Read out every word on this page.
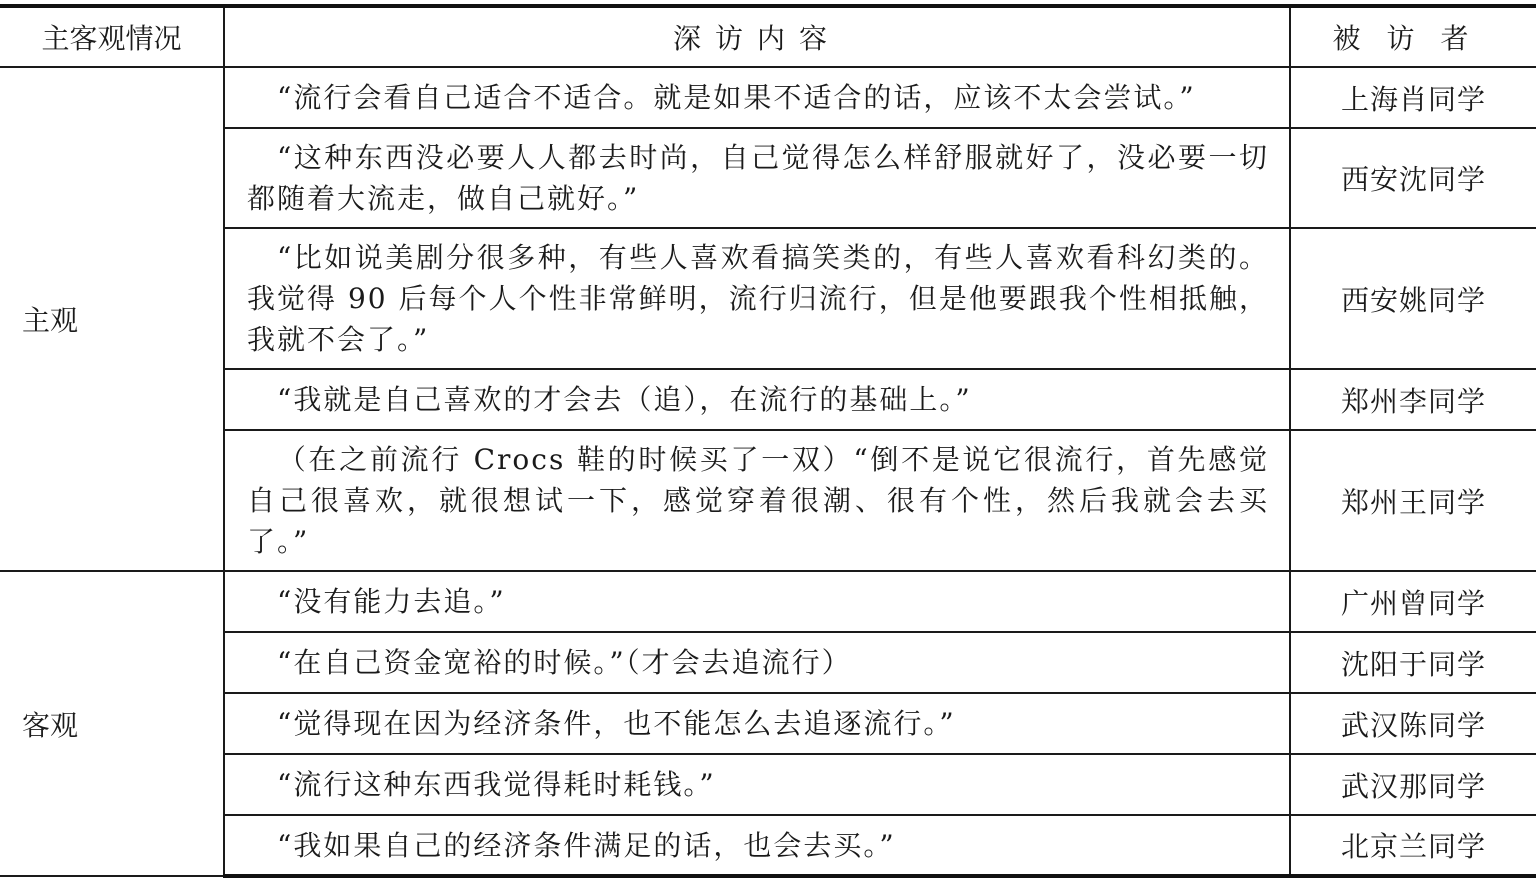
主客观情况	深访内容	被访者
主观	“流行会看自己适合不适合。就是如果不适合的话，应该不太会尝试。”	上海肖同学
	“这种东西没必要人人都去时尚，自己觉得怎么样舒服就好了，没必要一切都随着大流走，做自己就好。”	西安沈同学
	“比如说美剧分很多种，有些人喜欢看搞笑类的，有些人喜欢看科幻类的。我觉得 90 后每个人个性非常鲜明，流行归流行，但是他要跟我个性相抵触，我就不会了。”	西安姚同学
	“我就是自己喜欢的才会去（追），在流行的基础上。”	郑州李同学
	（在之前流行 Crocs 鞋的时候买了一双）“倒不是说它很流行，首先感觉自己很喜欢，就很想试一下，感觉穿着很潮、很有个性，然后我就会去买了。”	郑州王同学
客观	“没有能力去追。”	广州曾同学
	“在自己资金宽裕的时候。”（才会去追流行）	沈阳于同学
	“觉得现在因为经济条件，也不能怎么去追逐流行。”	武汉陈同学
	“流行这种东西我觉得耗时耗钱。”	武汉那同学
	“我如果自己的经济条件满足的话，也会去买。”	北京兰同学
